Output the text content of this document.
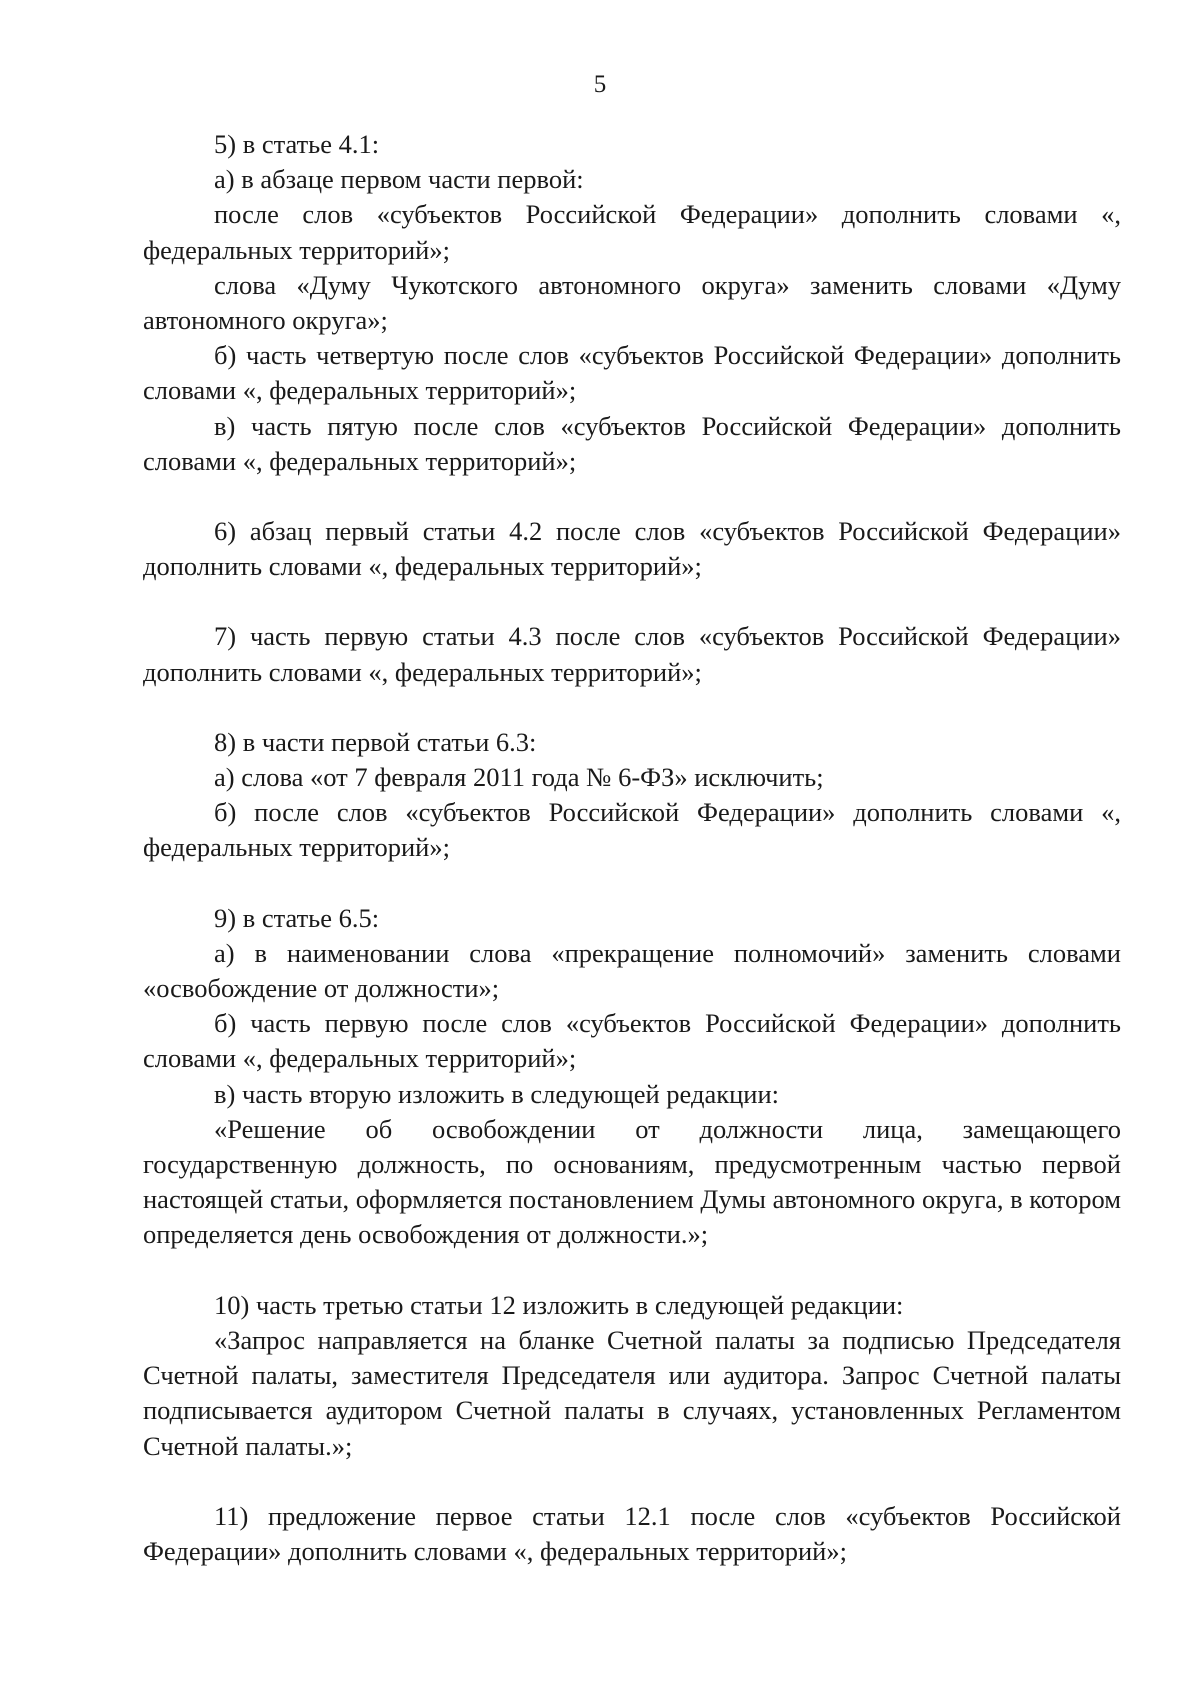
5

5) в статье 4.1:

а) в абзаце первом части первой:

после слов «субъектов Российской Федерации» дополнить словами «, федеральных территорий»;

слова «Думу Чукотского автономного округа» заменить словами «Думу автономного округа»;

б) часть четвертую после слов «субъектов Российской Федерации» дополнить словами «, федеральных территорий»;

в) часть пятую после слов «субъектов Российской Федерации» дополнить словами «, федеральных территорий»;

6) абзац первый статьи 4.2 после слов «субъектов Российской Федерации» дополнить словами «, федеральных территорий»;

7) часть первую статьи 4.3 после слов «субъектов Российской Федерации» дополнить словами «, федеральных территорий»;

8) в части первой статьи 6.3:

а) слова «от 7 февраля 2011 года № 6-ФЗ» исключить;

б) после слов «субъектов Российской Федерации» дополнить словами «, федеральных территорий»;

9) в статье 6.5:

а) в наименовании слова «прекращение полномочий» заменить словами «освобождение от должности»;

б) часть первую после слов «субъектов Российской Федерации» дополнить словами «, федеральных территорий»;

в) часть вторую изложить в следующей редакции:

«Решение об освобождении от должности лица, замещающего государственную должность, по основаниям, предусмотренным частью первой настоящей статьи, оформляется постановлением Думы автономного округа, в котором определяется день освобождения от должности.»;

10) часть третью статьи 12 изложить в следующей редакции:

«Запрос направляется на бланке Счетной палаты за подписью Председателя Счетной палаты, заместителя Председателя или аудитора. Запрос Счетной палаты подписывается аудитором Счетной палаты в случаях, установленных Регламентом Счетной палаты.»;

11) предложение первое статьи 12.1 после слов «субъектов Российской Федерации» дополнить словами «, федеральных территорий»;
